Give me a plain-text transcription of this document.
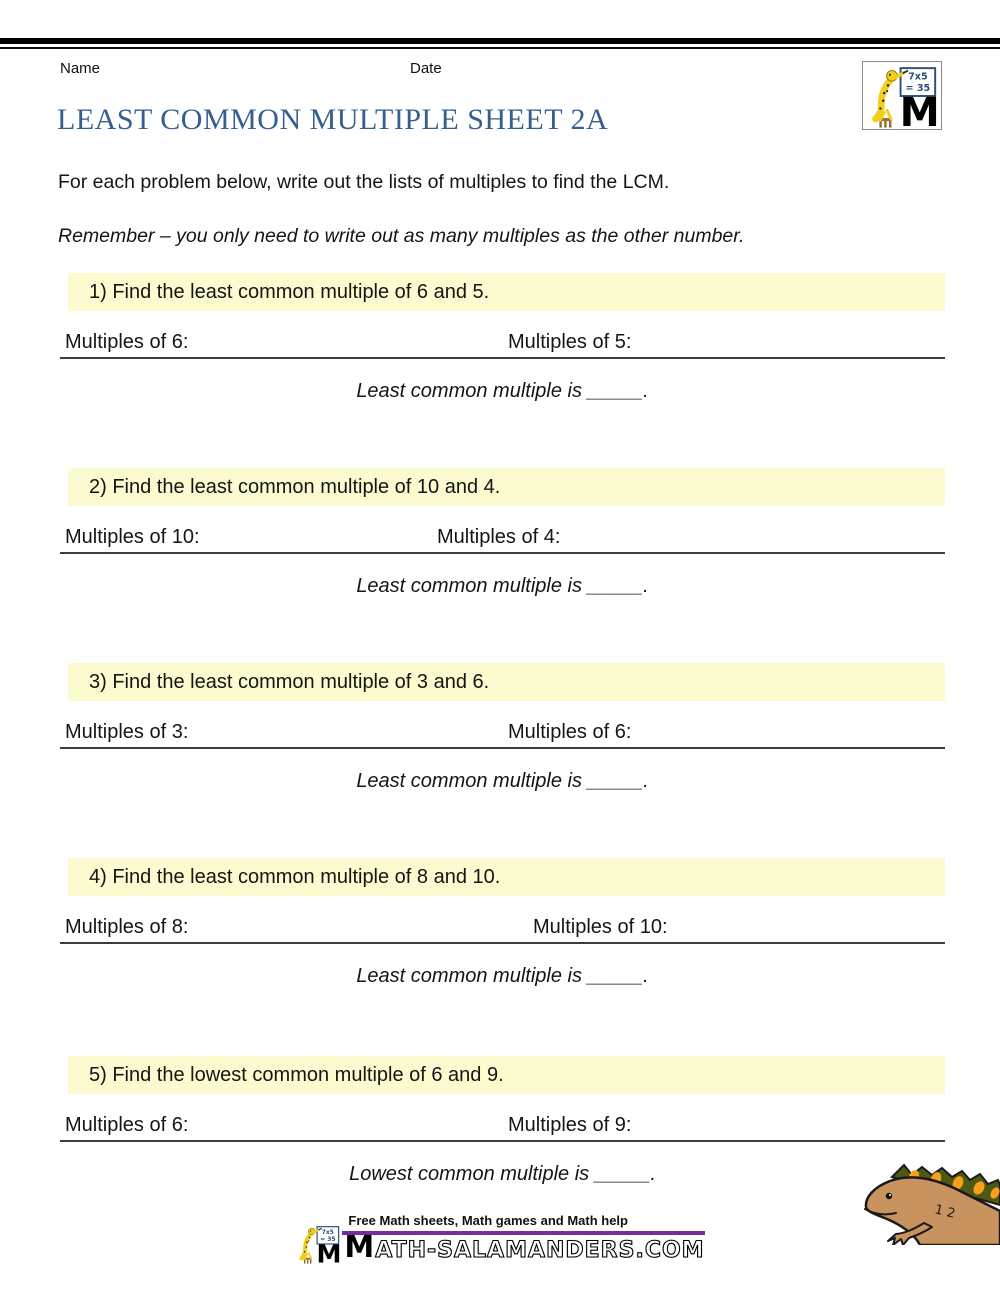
Name	Date
LEAST COMMON MULTIPLE SHEET 2A
For each problem below, write out the lists of multiples to find the LCM.
Remember – you only need to write out as many multiples as the other number.
1) Find the least common multiple of 6 and 5.
Multiples of 6:	Multiples of 5:
Least common multiple is _____.
2) Find the least common multiple of 10 and 4.
Multiples of 10:	Multiples of 4:
Least common multiple is _____.
3) Find the least common multiple of 3 and 6.
Multiples of 3:	Multiples of 6:
Least common multiple is _____.
4) Find the least common multiple of 8 and 10.
Multiples of 8:	Multiples of 10:
Least common multiple is _____.
5) Find the lowest common multiple of 6 and 9.
Multiples of 6:	Multiples of 9:
Lowest common multiple is _____.
Free Math sheets, Math games and Math help
M ATH-SALAMANDERS.COM
1 2
